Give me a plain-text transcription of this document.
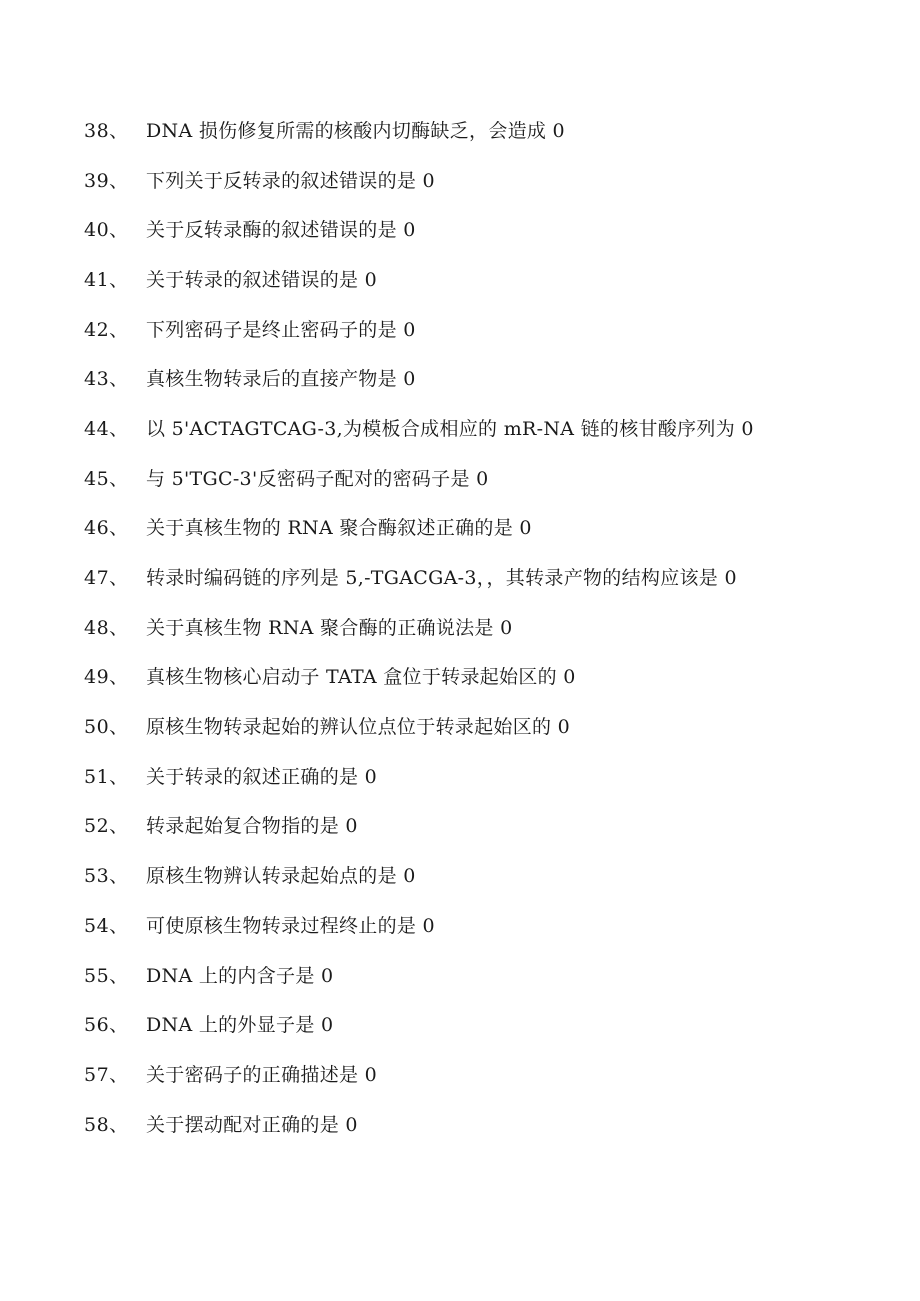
38、 DNA 损伤修复所需的核酸内切酶缺乏，会造成 0
39、 下列关于反转录的叙述错误的是 0
40、 关于反转录酶的叙述错误的是 0
41、 关于转录的叙述错误的是 0
42、 下列密码子是终止密码子的是 0
43、 真核生物转录后的直接产物是 0
44、 以 5'ACTAGTCAG-3,为模板合成相应的 mR-NA 链的核甘酸序列为 0
45、 与 5'TGC-3'反密码子配对的密码子是 0
46、 关于真核生物的 RNA 聚合酶叙述正确的是 0
47、 转录时编码链的序列是 5,-TGACGA-3，，其转录产物的结构应该是 0
48、 关于真核生物 RNA 聚合酶的正确说法是 0
49、 真核生物核心启动子 TATA 盒位于转录起始区的 0
50、 原核生物转录起始的辨认位点位于转录起始区的 0
51、 关于转录的叙述正确的是 0
52、 转录起始复合物指的是 0
53、 原核生物辨认转录起始点的是 0
54、 可使原核生物转录过程终止的是 0
55、 DNA 上的内含子是 0
56、 DNA 上的外显子是 0
57、 关于密码子的正确描述是 0
58、 关于摆动配对正确的是 0
